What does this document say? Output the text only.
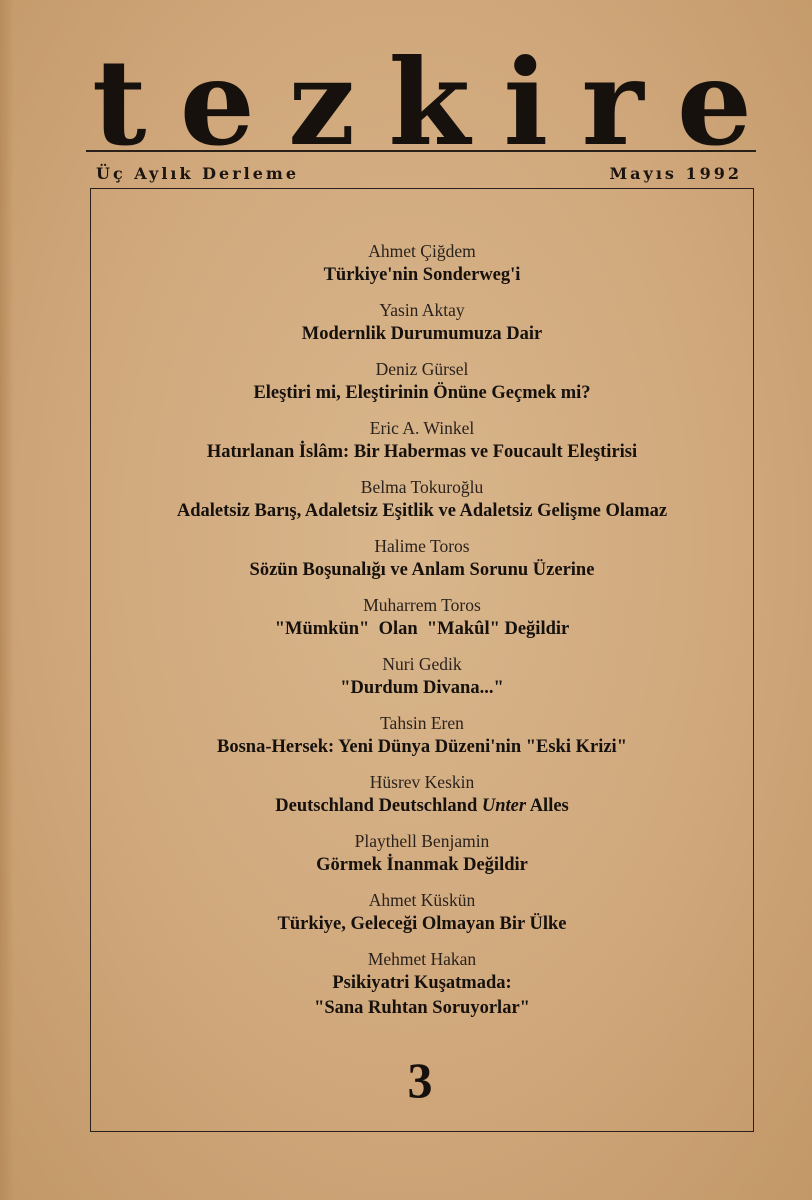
t e z k i r e
Üç Aylık Derleme	Mayıs 1992
Ahmet Çiğdem
Türkiye'nin Sonderweg'i
Yasin Aktay
Modernlik Durumumuza Dair
Deniz Gürsel
Eleştiri mi, Eleştirinin Önüne Geçmek mi?
Eric A. Winkel
Hatırlanan İslâm: Bir Habermas ve Foucault Eleştirisi
Belma Tokuroğlu
Adaletsiz Barış, Adaletsiz Eşitlik ve Adaletsiz Gelişme Olamaz
Halime Toros
Sözün Boşunalığı ve Anlam Sorunu Üzerine
Muharrem Toros
"Mümkün"  Olan  "Makûl" Değildir
Nuri Gedik
"Durdum Divana..."
Tahsin Eren
Bosna-Hersek: Yeni Dünya Düzeni'nin "Eski Krizi"
Hüsrev Keskin
Deutschland Deutschland Unter Alles
Playthell Benjamin
Görmek İnanmak Değildir
Ahmet Küskün
Türkiye, Geleceği Olmayan Bir Ülke
Mehmet Hakan
Psikiyatri Kuşatmada:
"Sana Ruhtan Soruyorlar"
3
